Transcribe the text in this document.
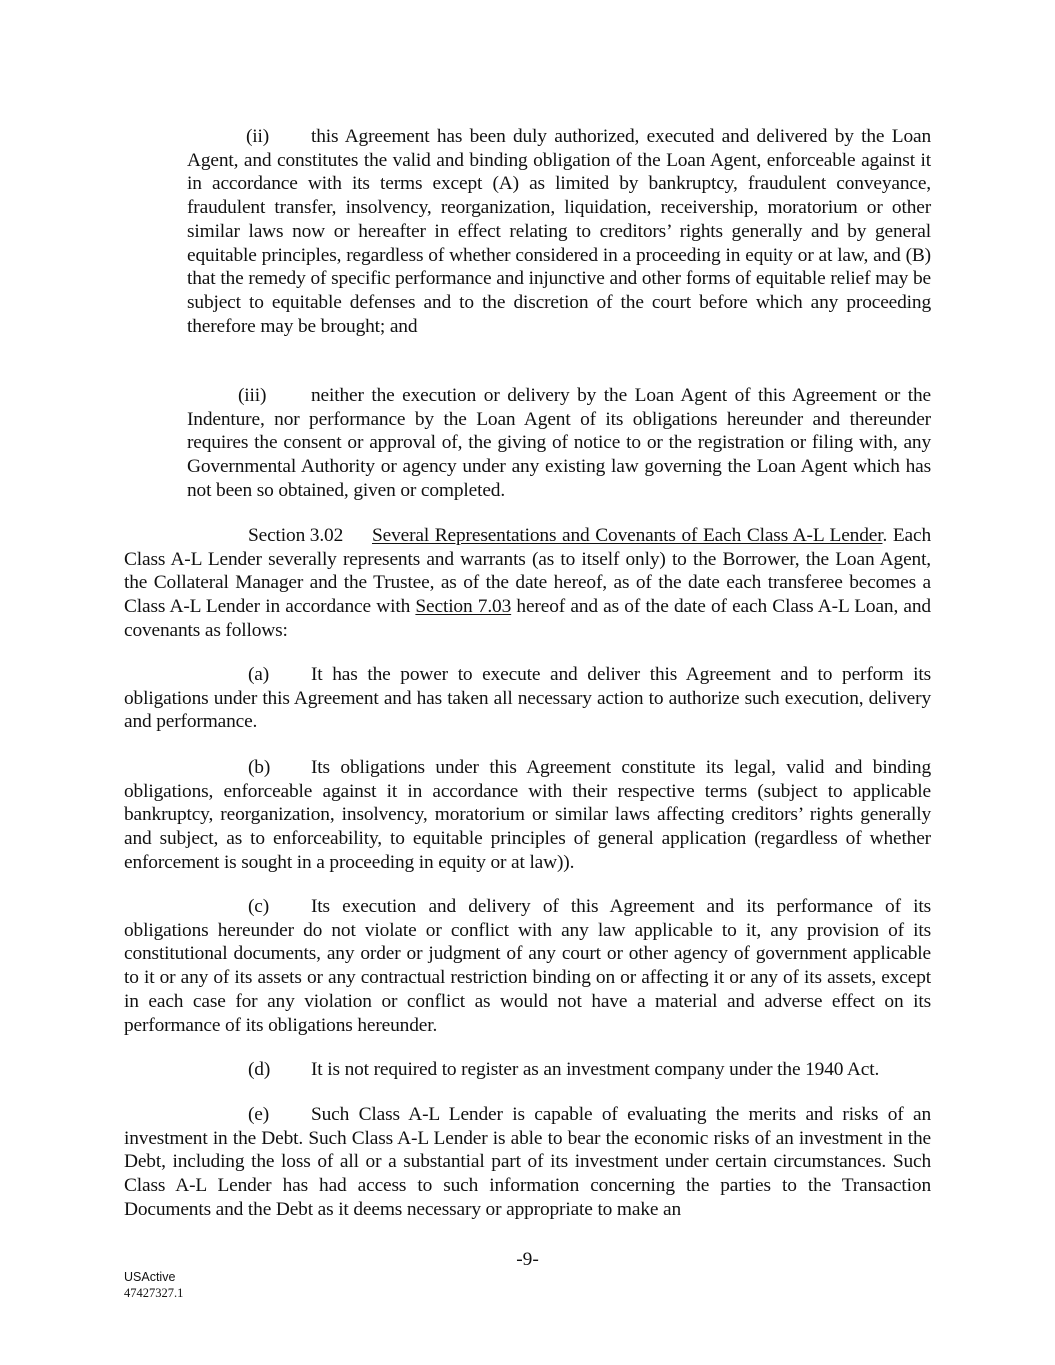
(ii) this Agreement has been duly authorized, executed and delivered by the Loan Agent, and constitutes the valid and binding obligation of the Loan Agent, enforceable against it in accordance with its terms except (A) as limited by bankruptcy, fraudulent conveyance, fraudulent transfer, insolvency, reorganization, liquidation, receivership, moratorium or other similar laws now or hereafter in effect relating to creditors’ rights generally and by general equitable principles, regardless of whether considered in a proceeding in equity or at law, and (B) that the remedy of specific performance and injunctive and other forms of equitable relief may be subject to equitable defenses and to the discretion of the court before which any proceeding therefore may be brought; and
(iii) neither the execution or delivery by the Loan Agent of this Agreement or the Indenture, nor performance by the Loan Agent of its obligations hereunder and thereunder requires the consent or approval of, the giving of notice to or the registration or filing with, any Governmental Authority or agency under any existing law governing the Loan Agent which has not been so obtained, given or completed.
Section 3.02 Several Representations and Covenants of Each Class A-L Lender. Each Class A-L Lender severally represents and warrants (as to itself only) to the Borrower, the Loan Agent, the Collateral Manager and the Trustee, as of the date hereof, as of the date each transferee becomes a Class A-L Lender in accordance with Section 7.03 hereof and as of the date of each Class A-L Loan, and covenants as follows:
(a) It has the power to execute and deliver this Agreement and to perform its obligations under this Agreement and has taken all necessary action to authorize such execution, delivery and performance.
(b) Its obligations under this Agreement constitute its legal, valid and binding obligations, enforceable against it in accordance with their respective terms (subject to applicable bankruptcy, reorganization, insolvency, moratorium or similar laws affecting creditors’ rights generally and subject, as to enforceability, to equitable principles of general application (regardless of whether enforcement is sought in a proceeding in equity or at law)).
(c) Its execution and delivery of this Agreement and its performance of its obligations hereunder do not violate or conflict with any law applicable to it, any provision of its constitutional documents, any order or judgment of any court or other agency of government applicable to it or any of its assets or any contractual restriction binding on or affecting it or any of its assets, except in each case for any violation or conflict as would not have a material and adverse effect on its performance of its obligations hereunder.
(d) It is not required to register as an investment company under the 1940 Act.
(e) Such Class A-L Lender is capable of evaluating the merits and risks of an investment in the Debt. Such Class A-L Lender is able to bear the economic risks of an investment in the Debt, including the loss of all or a substantial part of its investment under certain circumstances. Such Class A-L Lender has had access to such information concerning the parties to the Transaction Documents and the Debt as it deems necessary or appropriate to make an
-9-
USActive
47427327.1
